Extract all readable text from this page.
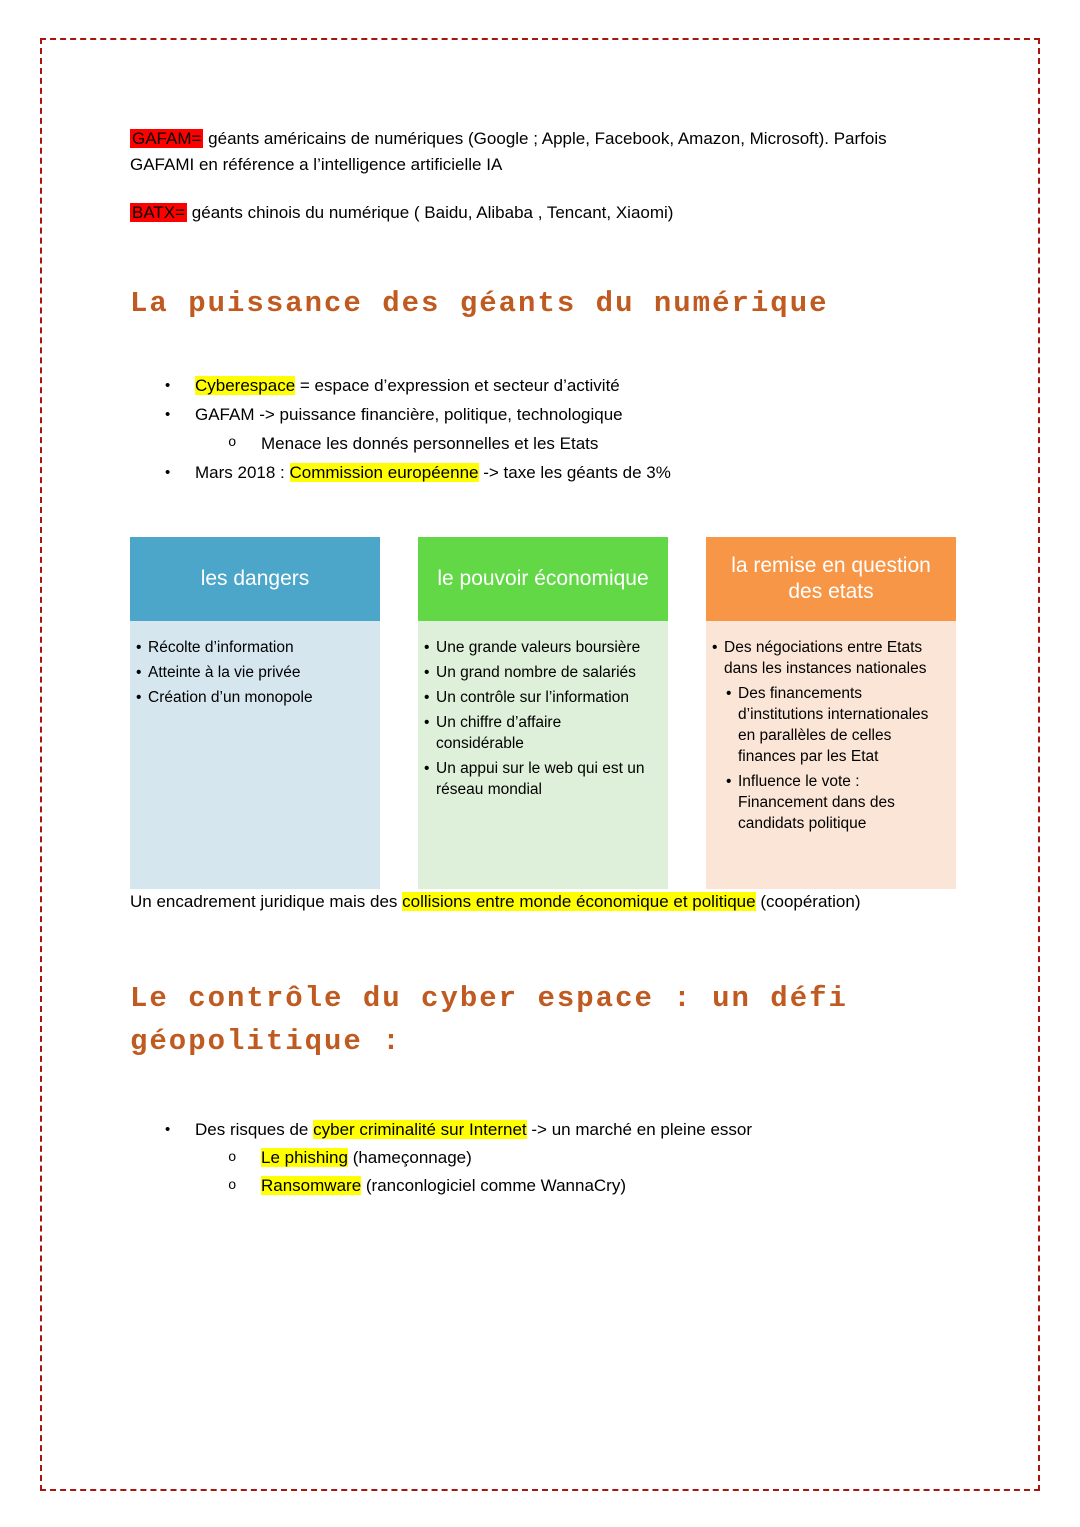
GAFAM= géants américains de numériques (Google ; Apple, Facebook, Amazon, Microsoft). Parfois GAFAMI en référence a l’intelligence artificielle IA

BATX= géants chinois du numérique ( Baidu, Alibaba , Tencant, Xiaomi)

La puissance des géants du numérique
•	Cyberespace = espace d’expression et secteur d’activité
•	GAFAM -> puissance financière, politique, technologique
o	Menace les donnés personnelles et les Etats
•	Mars 2018 : Commission européenne -> taxe les géants de 3%
les dangers
• Récolte d’information
• Atteinte à la vie privée
• Création d’un monopole
le pouvoir économique
• Une grande valeurs boursière
• Un grand nombre de salariés
• Un contrôle sur l’information
• Un chiffre d’affaire considérable
• Un appui sur le web qui est un réseau mondial
la remise en question des etats
• Des négociations entre Etats dans les instances nationales
• Des financements d’institutions internationales en parallèles de celles finances par les Etat
• Influence le vote : Financement dans des candidats politique

Un encadrement juridique mais des collisions entre monde économique et politique (coopération)

Le contrôle du cyber espace : un défi géopolitique :
•	Des risques de cyber criminalité sur Internet -> un marché en pleine essor
o	Le phishing (hameçonnage)
o	Ransomware (ranconlogiciel comme WannaCry)
